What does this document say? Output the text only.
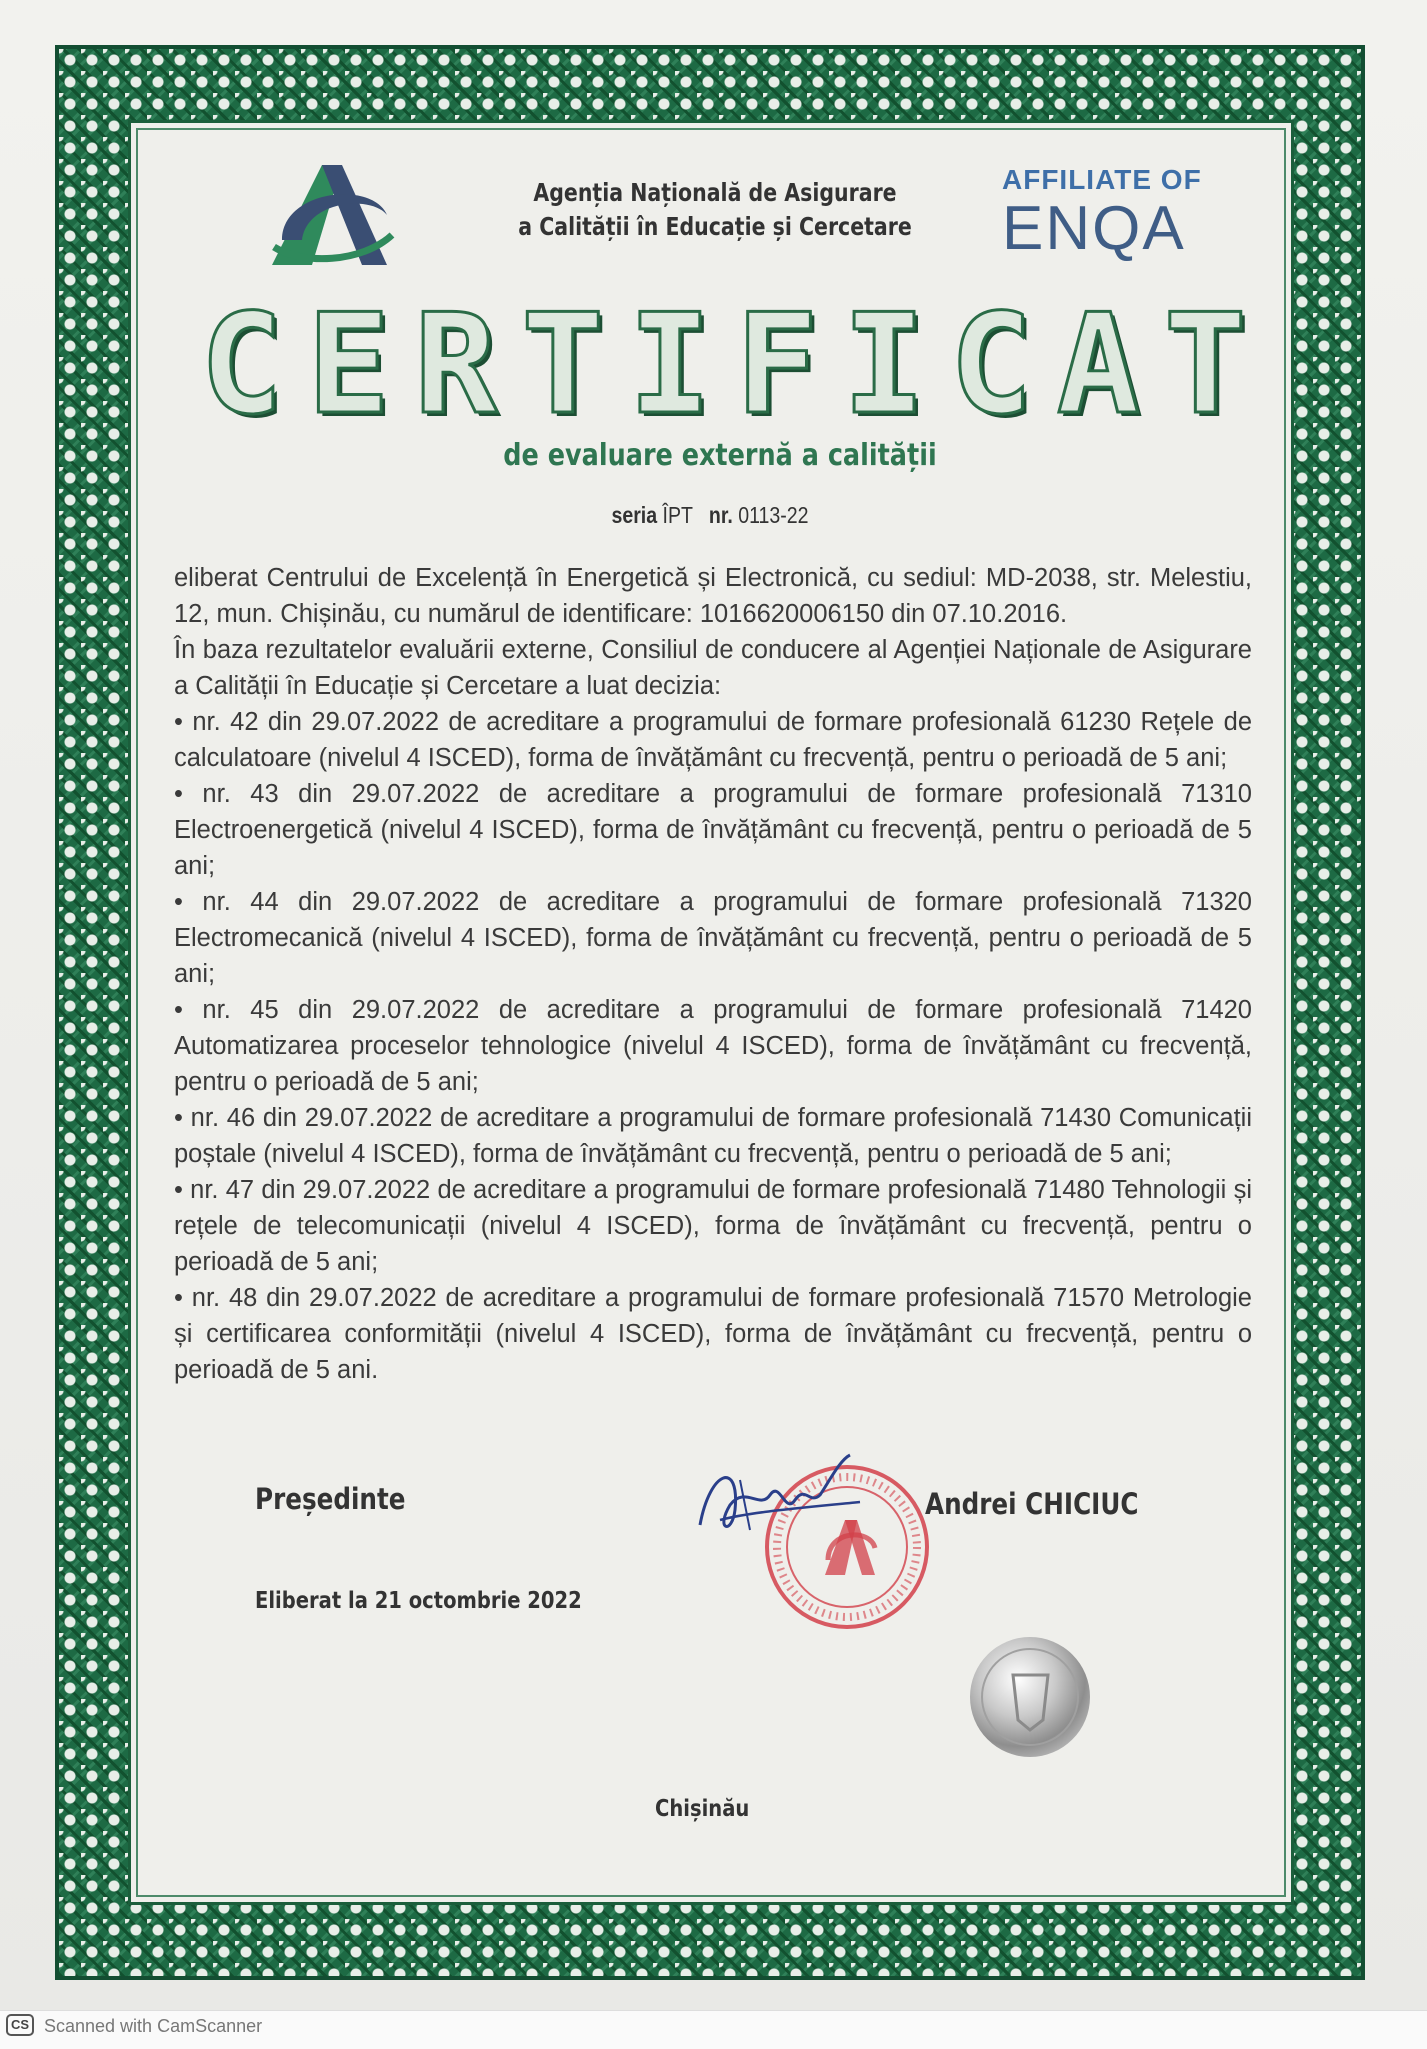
Agenția Națională de Asigurare
a Calității în Educație și Cercetare
AFFILIATE OF
ENQA
CERTIFICAT
de evaluare externă a calității
seria ÎPT nr. 0113-22

eliberat Centrului de Excelență în Energetică și Electronică, cu sediul: MD-2038, str. Melestiu, 12, mun. Chișinău, cu numărul de identificare: 1016620006150 din 07.10.2016.

În baza rezultatelor evaluării externe, Consiliul de conducere al Agenției Naționale de Asigurare a Calității în Educație și Cercetare a luat decizia:

• nr. 42 din 29.07.2022 de acreditare a programului de formare profesională 61230 Rețele de calculatoare (nivelul 4 ISCED), forma de învățământ cu frecvență, pentru o perioadă de 5 ani;

• nr. 43 din 29.07.2022 de acreditare a programului de formare profesională 71310 Electroenergetică (nivelul 4 ISCED), forma de învățământ cu frecvență, pentru o perioadă de 5 ani;

• nr. 44 din 29.07.2022 de acreditare a programului de formare profesională 71320 Electromecanică (nivelul 4 ISCED), forma de învățământ cu frecvență, pentru o perioadă de 5 ani;

• nr. 45 din 29.07.2022 de acreditare a programului de formare profesională 71420 Automatizarea proceselor tehnologice (nivelul 4 ISCED), forma de învățământ cu frecvență, pentru o perioadă de 5 ani;

• nr. 46 din 29.07.2022 de acreditare a programului de formare profesională 71430 Comunicații poștale (nivelul 4 ISCED), forma de învățământ cu frecvență, pentru o perioadă de 5 ani;

• nr. 47 din 29.07.2022 de acreditare a programului de formare profesională 71480 Tehnologii și rețele de telecomunicații (nivelul 4 ISCED), forma de învățământ cu frecvență, pentru o perioadă de 5 ani;

• nr. 48 din 29.07.2022 de acreditare a programului de formare profesională 71570 Metrologie și certificarea conformității (nivelul 4 ISCED), forma de învățământ cu frecvență, pentru o perioadă de 5 ani.

Președinte	Andrei CHICIUC
Eliberat la 21 octombrie 2022
Chișinău
CS Scanned with CamScanner
